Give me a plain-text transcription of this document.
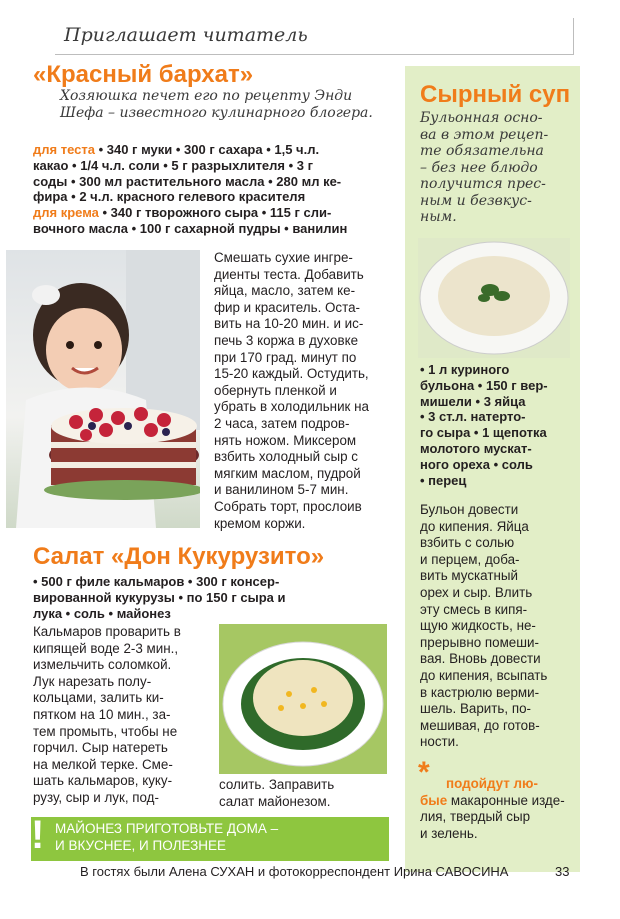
Приглашает читатель
«Красный бархат»
Хозяюшка печет его по рецепту Энди
Шефа – известного кулинарного блогера.
для теста • 340 г муки • 300 г сахара • 1,5 ч.л.
какао • 1/4 ч.л. соли • 5 г разрыхлителя • 3 г
соды • 300 мл растительного масла • 280 мл ке-
фира • 2 ч.л. красного гелевого красителя
для крема • 340 г творожного сыра • 115 г сли-
вочного масла • 100 г сахарной пудры • ванилин
Смешать сухие ингре-
диенты теста. Добавить
яйца, масло, затем ке-
фир и краситель. Оста-
вить на 10-20 мин. и ис-
печь 3 коржа в духовке
при 170 град. минут по
15-20 каждый. Остудить,
обернуть пленкой и
убрать в холодильник на
2 часа, затем подров-
нять ножом. Миксером
взбить холодный сыр с
мягким маслом, пудрой
и ванилином 5-7 мин.
Собрать торт, прослоив
кремом коржи.
Салат «Дон Кукурузито»
• 500 г филе кальмаров • 300 г консер-
вированной кукурузы • по 150 г сыра и
лука • соль • майонез
Кальмаров проварить в
кипящей воде 2-3 мин.,
измельчить соломкой.
Лук нарезать полу-
кольцами, залить ки-
пятком на 10 мин., за-
тем промыть, чтобы не
горчил. Сыр натереть
на мелкой терке. Сме-
шать кальмаров, куку-
рузу, сыр и лук, под-
солить. Заправить
салат майонезом.
! МАЙОНЕЗ ПРИГОТОВЬТЕ ДОМА –
И ВКУСНЕЕ, И ПОЛЕЗНЕЕ
Сырный суп
Бульонная осно-
ва в этом рецеп-
те обязательна
– без нее блюдо
получится прес-
ным и безвкус-
ным.
• 1 л куриного
бульона • 150 г вер-
мишели • 3 яйца
• 3 ст.л. натерто-
го сыра • 1 щепотка
молотого мускат-
ного ореха • соль
• перец
Бульон довести
до кипения. Яйца
взбить с солью
и перцем, доба-
вить мускатный
орех и сыр. Влить
эту смесь в кипя-
щую жидкость, не-
прерывно помеши-
вая. Вновь довести
до кипения, всыпать
в кастрюлю верми-
шель. Варить, по-
мешивая, до готов-
ности.
*	подойдут лю-
бые макаронные изде-
лия, твердый сыр
и зелень.
В гостях были Алена СУХАН и фотокорреспондент Ирина САВОСИНА	33
